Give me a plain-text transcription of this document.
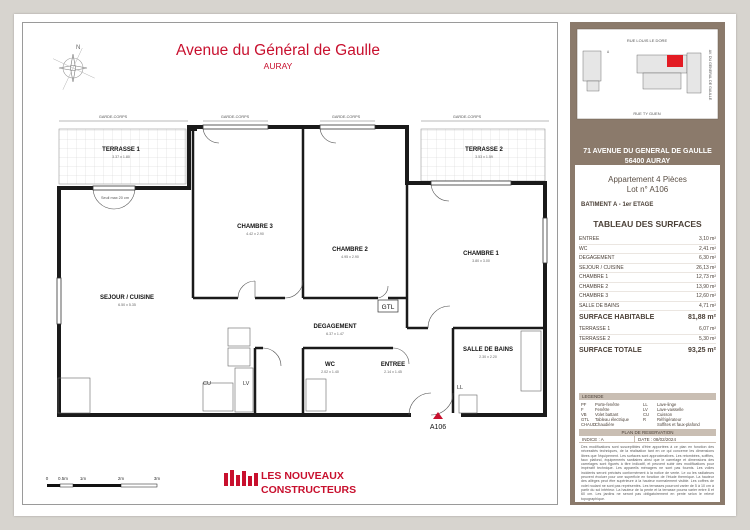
N	Avenue du Général de Gaulle
AURAY
GARDE-CORPS	GARDE-CORPS	GARDE-CORPS	GARDE-CORPS
GTL
CU	LV
LL
Seuil max 20 cm
TERRASSE 1
3.37 x 1.80
TERRASSE 2
3.53 x 1.59
CHAMBRE 3
4.42 x 2.90
CHAMBRE 2
4.95 x 2.90	CHAMBRE 1
3.80 x 3.00
SEJOUR / CUISINE
6.50 x 5.35
DEGAGEMENT
6.37 x 1.47
WC
2.02 x 1.40
ENTREE
2.14 x 1.45
SALLE DE BAINS
2.30 x 2.20
A106
0 0.5m	1m	2m	3m	LES NOUVEAUX
CONSTRUCTEURS
RUE LOUIS LE DORE
RUE TY GUEN
AV. DU GENERAL DE GAULLE
A
71 AVENUE DU GENERAL DE GAULLE
56400 AURAY
Appartement 4 Pièces
Lot n° A106
BATIMENT A - 1er ETAGE
TABLEAU DES SURFACES
ENTREE	3,10 m²
WC	2,41 m²
DEGAGEMENT	6,30 m²
SEJOUR / CUISINE	26,13 m²
CHAMBRE 1	12,73 m²
CHAMBRE 2	13,90 m²
CHAMBRE 3	12,60 m²
SALLE DE BAINS	4,71 m²
SURFACE HABITABLE	81,88 m²
TERRASSE 1	6,07 m²
TERRASSE 2	5,30 m²
SURFACE TOTALE	93,25 m²
LEGENDE
PF	Porte-fenêtre	LL	Lave-linge
F	Fenêtre	LV	Lave-vaisselle
VB	Volet battant	CU	Cuisson
GTL	Tableau électrique	R	Réfrigérateur
CHAUD Chaudière	Soffites et faux-plafond
PLAN DE RESERVATION
INDICE : A	DATE : 08/02/2024
Des modifications sont susceptibles d'être apportées à ce plan en fonction des nécessités techniques, de la réalisation tant en ce qui concerne les dimensions libres que l'équipement. Les surfaces sont approximatives. Les retombées, soffites, faux plafond, équipements sanitaires ainsi que le carrelage et dimensions des carrelages sont figurés à titre indicatif, et peuvent subir des modifications pour impératif technique. Les appareils ménagers ne sont pas fournis. Les voiles incidents seront précisés conformément à la notice de vente. Le ou les radiateurs peuvent évoluer pour une superficie en fonction de l'étude thermique. La hauteur des allèges peut être supérieure à la hauteur normalement visible. Les coffres de volet roulant ne sont pas représentés. Les terrasses pourront varier de 5 à 10 cm à partir du sol intérieur. La hauteur de la pente et la terrasse pourra varier entre 8 et 60 cm. Les jardins ne seront pas obligatoirement en pente selon le relevé topographique.
